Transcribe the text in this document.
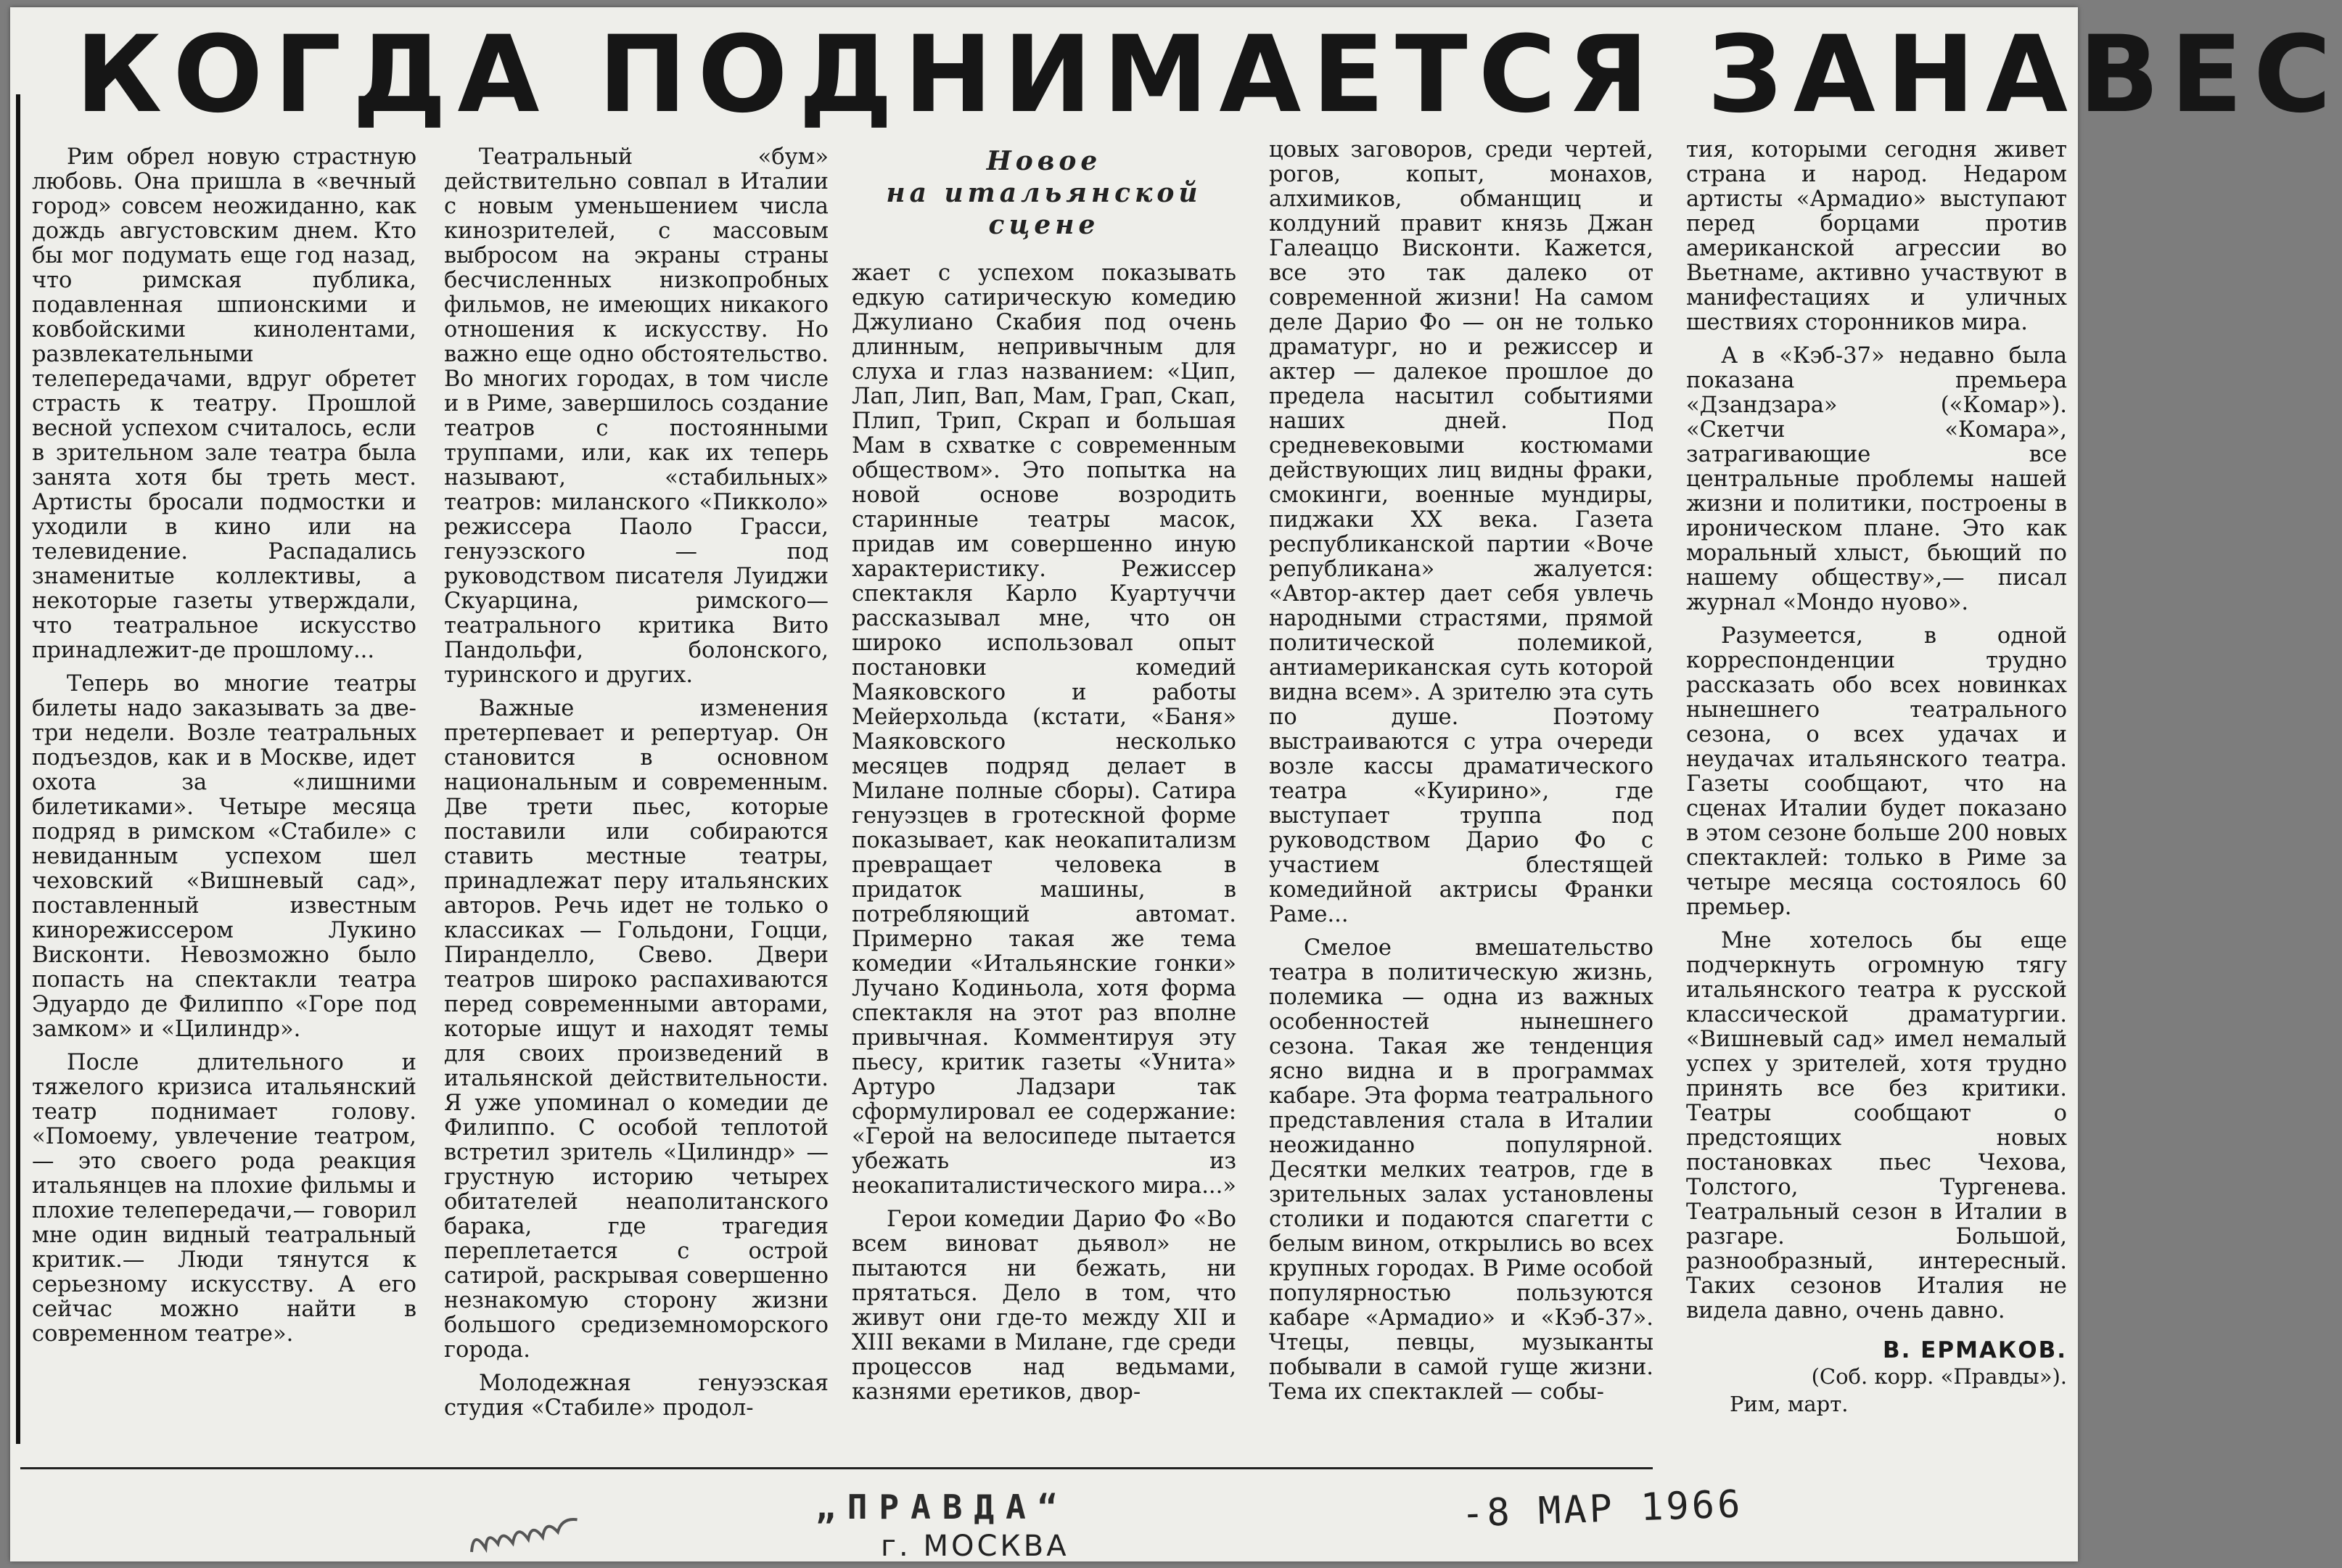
КОГДА ПОДНИМАЕТСЯ ЗАНАВЕС

Рим обрел новую страстную любовь. Она пришла в «вечный город» совсем неожиданно, как дождь августовским днем. Кто бы мог подумать еще год назад, что римская публика, подавленная шпионскими и ковбойскими кинолентами, развлекательными телепередачами, вдруг обретет страсть к театру. Прошлой весной успехом считалось, если в зрительном зале театра была занята хотя бы треть мест. Артисты бросали подмостки и уходили в кино или на телевидение. Распадались знаменитые коллективы, а некоторые газеты утверждали, что театральное искусство принадлежит-де прошлому...

Теперь во многие театры билеты надо заказывать за две-три недели. Возле театральных подъездов, как и в Москве, идет охота за «лишними билетиками». Четыре месяца подряд в римском «Стабиле» с невиданным успехом шел чеховский «Вишневый сад», поставленный известным кинорежиссером Лукино Висконти. Невозможно было попасть на спектакли театра Эдуардо де Филиппо «Горе под замком» и «Цилиндр».

После длительного и тяжелого кризиса итальянский театр поднимает голову. «Помоему, увлечение театром,— это своего рода реакция итальянцев на плохие фильмы и плохие телепередачи,— говорил мне один видный театральный критик.— Люди тянутся к серьезному искусству. А его сейчас можно найти в современном театре».

Театральный «бум» действительно совпал в Италии с новым уменьшением числа кинозрителей, с массовым выбросом на экраны страны бесчисленных низкопробных фильмов, не имеющих никакого отношения к искусству. Но важно еще одно обстоятельство. Во многих городах, в том числе и в Риме, завершилось создание театров с постоянными труппами, или, как их теперь называют, «стабильных» театров: миланского «Пикколо» режиссера Паоло Грасси, генуэзского — под руководством писателя Луиджи Скуарцина, римского—театрального критика Вито Пандольфи, болонского, туринского и других.

Важные изменения претерпевает и репертуар. Он становится в основном национальным и современным. Две трети пьес, которые поставили или собираются ставить местные театры, принадлежат перу итальянских авторов. Речь идет не только о классиках — Гольдони, Гоцци, Пиранделло, Свево. Двери театров широко распахиваются перед современными авторами, которые ищут и находят темы для своих произведений в итальянской действительности. Я уже упоминал о комедии де Филиппо. С особой теплотой встретил зритель «Цилиндр» — грустную историю четырех обитателей неаполитанского барака, где трагедия переплетается с острой сатирой, раскрывая совершенно незнакомую сторону жизни большого средиземноморского города.

Молодежная генуэзская студия «Стабиле» продол-

Новое
на итальянской
сцене

жает с успехом показывать едкую сатирическую комедию Джулиано Скабия под очень длинным, непривычным для слуха и глаз названием: «Цип, Лап, Лип, Вап, Мам, Грап, Скап, Плип, Трип, Скрап и большая Мам в схватке с современным обществом». Это попытка на новой основе возродить старинные театры масок, придав им совершенно иную характеристику. Режиссер спектакля Карло Куартуччи рассказывал мне, что он широко использовал опыт постановки комедий Маяковского и работы Мейерхольда (кстати, «Баня» Маяковского несколько месяцев подряд делает в Милане полные сборы). Сатира генуэзцев в гротескной форме показывает, как неокапитализм превращает человека в придаток машины, в потребляющий автомат. Примерно такая же тема комедии «Итальянские гонки» Лучано Кодиньола, хотя форма спектакля на этот раз вполне привычная. Комментируя эту пьесу, критик газеты «Унита» Артуро Ладзари так сформулировал ее содержание: «Герой на велосипеде пытается убежать из неокапиталистического мира...»

Герои комедии Дарио Фо «Во всем виноват дьявол» не пытаются ни бежать, ни прятаться. Дело в том, что живут они где-то между XII и XIII веками в Милане, где среди процессов над ведьмами, казнями еретиков, двор-

цовых заговоров, среди чертей, рогов, копыт, монахов, алхимиков, обманщиц и колдуний правит князь Джан Галеаццо Висконти. Кажется, все это так далеко от современной жизни! На самом деле Дарио Фо — он не только драматург, но и режиссер и актер — далекое прошлое до предела насытил событиями наших дней. Под средневековыми костюмами действующих лиц видны фраки, смокинги, военные мундиры, пиджаки XX века. Газета республиканской партии «Воче републикана» жалуется: «Автор-актер дает себя увлечь народными страстями, прямой политической полемикой, антиамериканская суть которой видна всем». А зрителю эта суть по душе. Поэтому выстраиваются с утра очереди возле кассы драматического театра «Куирино», где выступает труппа под руководством Дарио Фо с участием блестящей комедийной актрисы Франки Раме...

Смелое вмешательство театра в политическую жизнь, полемика — одна из важных особенностей нынешнего сезона. Такая же тенденция ясно видна и в программах кабаре. Эта форма театрального представления стала в Италии неожиданно популярной. Десятки мелких театров, где в зрительных залах установлены столики и подаются спагетти с белым вином, открылись во всех крупных городах. В Риме особой популярностью пользуются кабаре «Армадио» и «Кэб-37». Чтецы, певцы, музыканты побывали в самой гуще жизни. Тема их спектаклей — собы-

тия, которыми сегодня живет страна и народ. Недаром артисты «Армадио» выступают перед борцами против американской агрессии во Вьетнаме, активно участвуют в манифестациях и уличных шествиях сторонников мира.

А в «Кэб-37» недавно была показана премьера «Дзандзара» («Комар»). «Скетчи «Комара», затрагивающие все центральные проблемы нашей жизни и политики, построены в ироническом плане. Это как моральный хлыст, бьющий по нашему обществу»,— писал журнал «Мондо нуово».

Разумеется, в одной корреспонденции трудно рассказать обо всех новинках нынешнего театрального сезона, о всех удачах и неудачах итальянского театра. Газеты сообщают, что на сценах Италии будет показано в этом сезоне больше 200 новых спектаклей: только в Риме за четыре месяца состоялось 60 премьер.

Мне хотелось бы еще подчеркнуть огромную тягу итальянского театра к русской классической драматургии. «Вишневый сад» имел немалый успех у зрителей, хотя трудно принять все без критики. Театры сообщают о предстоящих новых постановках пьес Чехова, Толстого, Тургенева. Театральный сезон в Италии в разгаре. Большой, разнообразный, интересный. Таких сезонов Италия не видела давно, очень давно.

В. ЕРМАКОВ.
(Соб. корр. «Правды»).
Рим, март.
„ПРАВДА“
г. МОСКВА
-8 МАР 1966
